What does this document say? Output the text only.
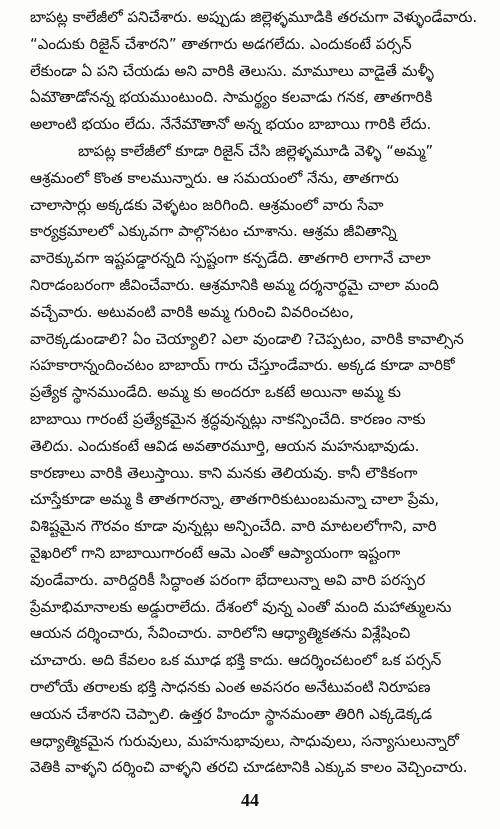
బాపట్ల కాలేజీలో పనిచేశారు. అప్పుడు జిల్లెళ్ళమూడికి తరచుగా వెళ్ళుండేవారు.
“ఎందుకు రిజైన్ చేశారని” తాతగారు అడగలేదు. ఎందుకంటే పర్సన్
లేకుండా ఏ పని చేయడు అని వారికి తెలుసు. మామూలు వాడైతే మళ్ళీ
ఏమౌతాడోనన్న భయముంటుంది. సామర్థ్యం కలవాడు గనక, తాతగారికి
అలాంటి భయం లేదు. నేనేమౌతానో అన్న భయం బాబాయి గారికి లేదు.
బాపట్ల కాలేజీలో కూడా రిజైన్ చేసి జిల్లెళ్ళమూడి వెళ్ళి “అమ్మ”
ఆశ్రమంలో కొంత కాలమున్నారు. ఆ సమయంలో నేను, తాతగారు
చాలాసార్లు అక్కడకు వెళ్ళటం జరిగింది. ఆశ్రమంలో వారు సేవా
కార్యక్రమాలలో ఎక్కువగా పాల్గొనటం చూశాను. ఆశ్రమ జీవితాన్ని
వారెక్కువగా ఇష్టపడ్డారన్నది స్పష్టంగా కన్పడేది. తాతగారి లాగానే చాలా
నిరాడంబరంగా జీవించేవారు. ఆశ్రమానికి అమ్మ దర్శనార్థమై చాలా మంది
వచ్చేవారు. అటువంటి వారికి అమ్మ గురించి వివరించటం,
వారెక్కడుండాలి? ఏం చెయ్యాలి? ఎలా వుండాలి ?చెప్పటం, వారికి కావాల్సిన
సహకారాన్నందించటం బాబాయ్ గారు చేస్తూండేవారు. అక్కడ కూడా వారికో
ప్రత్యేక స్థానముండేది. అమ్మ కు అందరూ ఒకటే అయినా అమ్మ కు
బాబాయి గారంటే ప్రత్యేకమైన శ్రద్ధవున్నట్లు నాకన్పించేది. కారణం నాకు
తెలిదు. ఎందుకంటే ఆవిడ అవతారమూర్తి, ఆయన మహనుభావుడు.
కారణాలు వారికి తెలుస్తాయి. కాని మనకు తెలియవు. కానీ లౌకికంగా
చూస్తేకూడా అమ్మ కి తాతగారన్నా, తాతగారికుటుంబమన్నా చాలా ప్రేమ,
విశిష్టమైన గౌరవం కూడా వున్నట్లు అన్పించేది. వారి మాటలలోగాని, వారి
వైఖరిలో గాని బాబాయిగారంటే ఆమె ఎంతో ఆప్యాయంగా ఇష్టంగా
వుండేవారు. వారిద్దరికీ సిద్ధాంత పరంగా భేదాలున్నా అవి వారి పరస్పర
ప్రేమాభిమానాలకు అడ్డురాలేదు. దేశంలో వున్న ఎంతో మంది మహాత్ములను
ఆయన దర్శించారు, సేవించారు. వారిలోని ఆధ్యాత్మికతను విశ్లేషించి
చూచారు. అది కేవలం ఒక మూఢ భక్తి కాదు. ఆదర్శించటంలో ఒక పర్సన్
రాలోయే తరాలకు భక్తి సాధనకు ఎంత అవసరం అనేటువంటి నిరూపణ
ఆయన చేశారని చెప్పాలి. ఉత్తర హిందూ స్థానమంతా తిరిగి ఎక్కడెక్కడ
ఆధ్యాత్మికమైన గురువులు, మహనుభావులు, సాధువులు, సన్యాసులున్నారో
వెతికి వాళ్ళని దర్శించి వాళ్ళని తరచి చూడటానికి ఎక్కువ కాలం వెచ్చించారు.
44
